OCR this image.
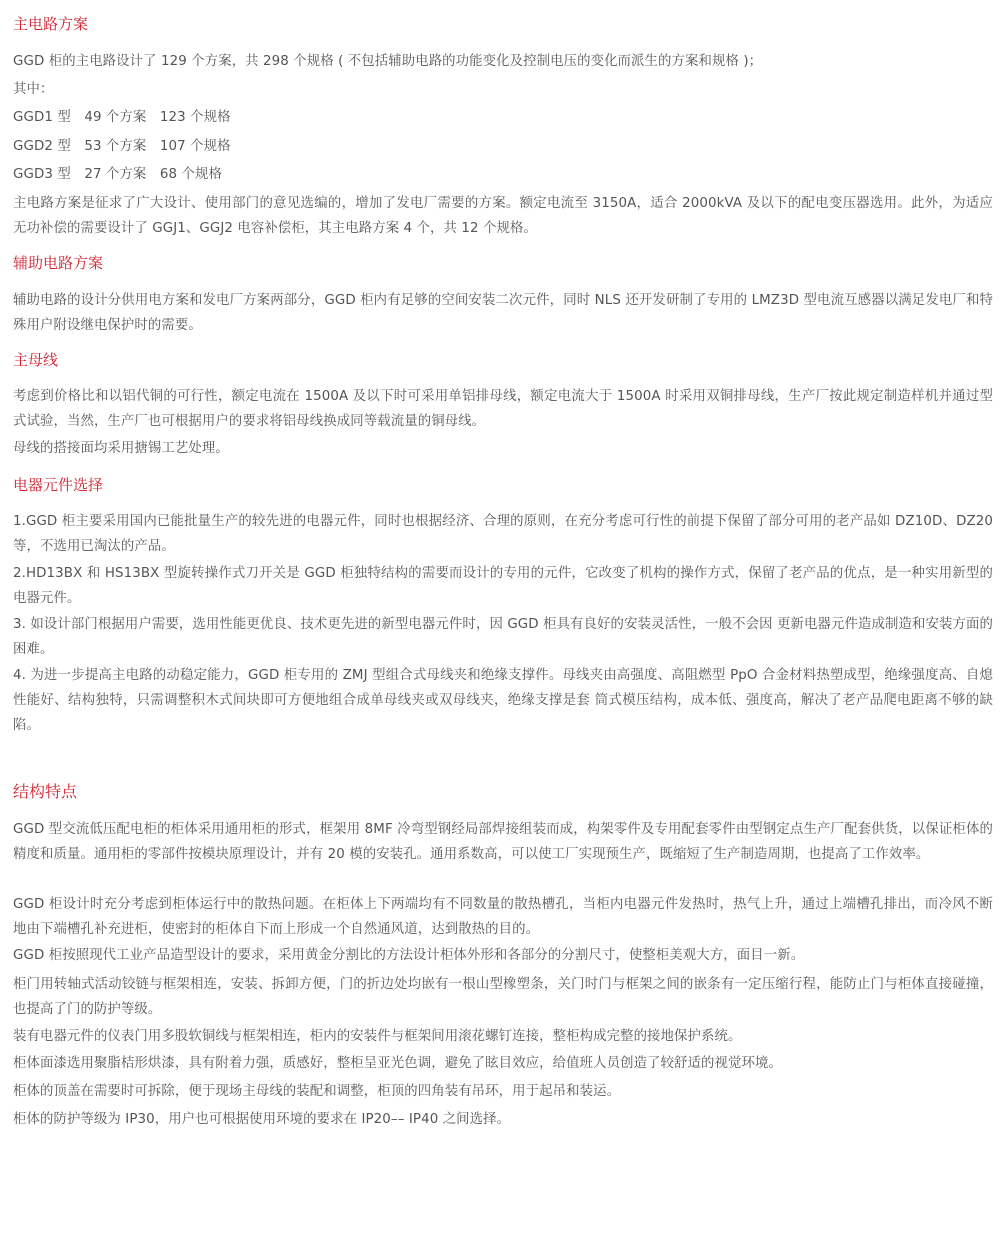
主电路方案
GGD 柜的主电路设计了 129 个方案，共 298 个规格 ( 不包括辅助电路的功能变化及控制电压的变化而派生的方案和规格 )；
其中：
GGD1 型　49 个方案　123 个规格
GGD2 型　53 个方案　107 个规格
GGD3 型　27 个方案　68 个规格
主电路方案是征求了广大设计、使用部门的意见选编的，增加了发电厂需要的方案。额定电流至 3150A，适合 2000kVA 及以下的配电变压器选用。此外，为适应无功补偿的需要设计了 GGJ1、GGJ2 电容补偿柜，其主电路方案 4 个，共 12 个规格。
辅助电路方案
辅助电路的设计分供用电方案和发电厂方案两部分，GGD 柜内有足够的空间安装二次元件，同时 NLS 还开发研制了专用的 LMZ3D 型电流互感器以满足发电厂和特殊用户附设继电保护时的需要。
主母线
考虑到价格比和以铝代铜的可行性，额定电流在 1500A 及以下时可采用单铝排母线，额定电流大于 1500A 时采用双铜排母线，生产厂按此规定制造样机并通过型式试验，当然，生产厂也可根据用户的要求将铝母线换成同等载流量的铜母线。
母线的搭接面均采用搪锡工艺处理。
电器元件选择
1.GGD 柜主要采用国内已能批量生产的较先进的电器元件，同时也根据经济、合理的原则，在充分考虑可行性的前提下保留了部分可用的老产品如 DZ10D、DZ20 等，不选用已淘汰的产品。
2.HD13BX 和 HS13BX 型旋转操作式刀开关是 GGD 柜独特结构的需要而设计的专用的元件，它改变了机构的操作方式，保留了老产品的优点，是一种实用新型的电器元件。
3. 如设计部门根据用户需要，选用性能更优良、技术更先进的新型电器元件时，因 GGD 柜具有良好的安装灵活性，一般不会因 更新电器元件造成制造和安装方面的困难。
4. 为进一步提高主电路的动稳定能力，GGD 柜专用的 ZMJ 型组合式母线夹和绝缘支撑件。母线夹由高强度、高阻燃型 PpO 合金材料热塑成型，绝缘强度高、自熄性能好、结构独特，只需调整积木式间块即可方便地组合成单母线夹或双母线夹，绝缘支撑是套 筒式模压结构，成本低、强度高，解决了老产品爬电距离不够的缺陷。
结构特点
GGD 型交流低压配电柜的柜体采用通用柜的形式，框架用 8MF 冷弯型钢经局部焊接组装而成，构架零件及专用配套零件由型钢定点生产厂配套供货，以保证柜体的精度和质量。通用柜的零部件按模块原理设计，并有 20 模的安装孔。通用系数高，可以使工厂实现预生产，既缩短了生产制造周期，也提高了工作效率。
GGD 柜设计时充分考虑到柜体运行中的散热问题。在柜体上下两端均有不同数量的散热槽孔，当柜内电器元件发热时，热气上升，通过上端槽孔排出，而冷风不断地由下端槽孔补充进柜，使密封的柜体自下而上形成一个自然通风道，达到散热的目的。
GGD 柜按照现代工业产品造型设计的要求，采用黄金分割比的方法设计柜体外形和各部分的分割尺寸，使整柜美观大方，面目一新。
柜门用转轴式活动铰链与框架相连，安装、拆卸方便，门的折边处均嵌有一根山型橡塑条，关门时门与框架之间的嵌条有一定压缩行程，能防止门与柜体直接碰撞，也提高了门的防护等级。
装有电器元件的仪表门用多股软铜线与框架相连，柜内的安装件与框架间用滚花螺钉连接，整柜构成完整的接地保护系统。
柜体面漆选用聚脂桔形烘漆，具有附着力强，质感好，整柜呈亚光色调，避免了眩目效应，给值班人员创造了较舒适的视觉环境。
柜体的顶盖在需要时可拆除，便于现场主母线的装配和调整，柜顶的四角装有吊环，用于起吊和装运。
柜体的防护等级为 IP30，用户也可根据使用环境的要求在 IP20–– IP40 之间选择。
